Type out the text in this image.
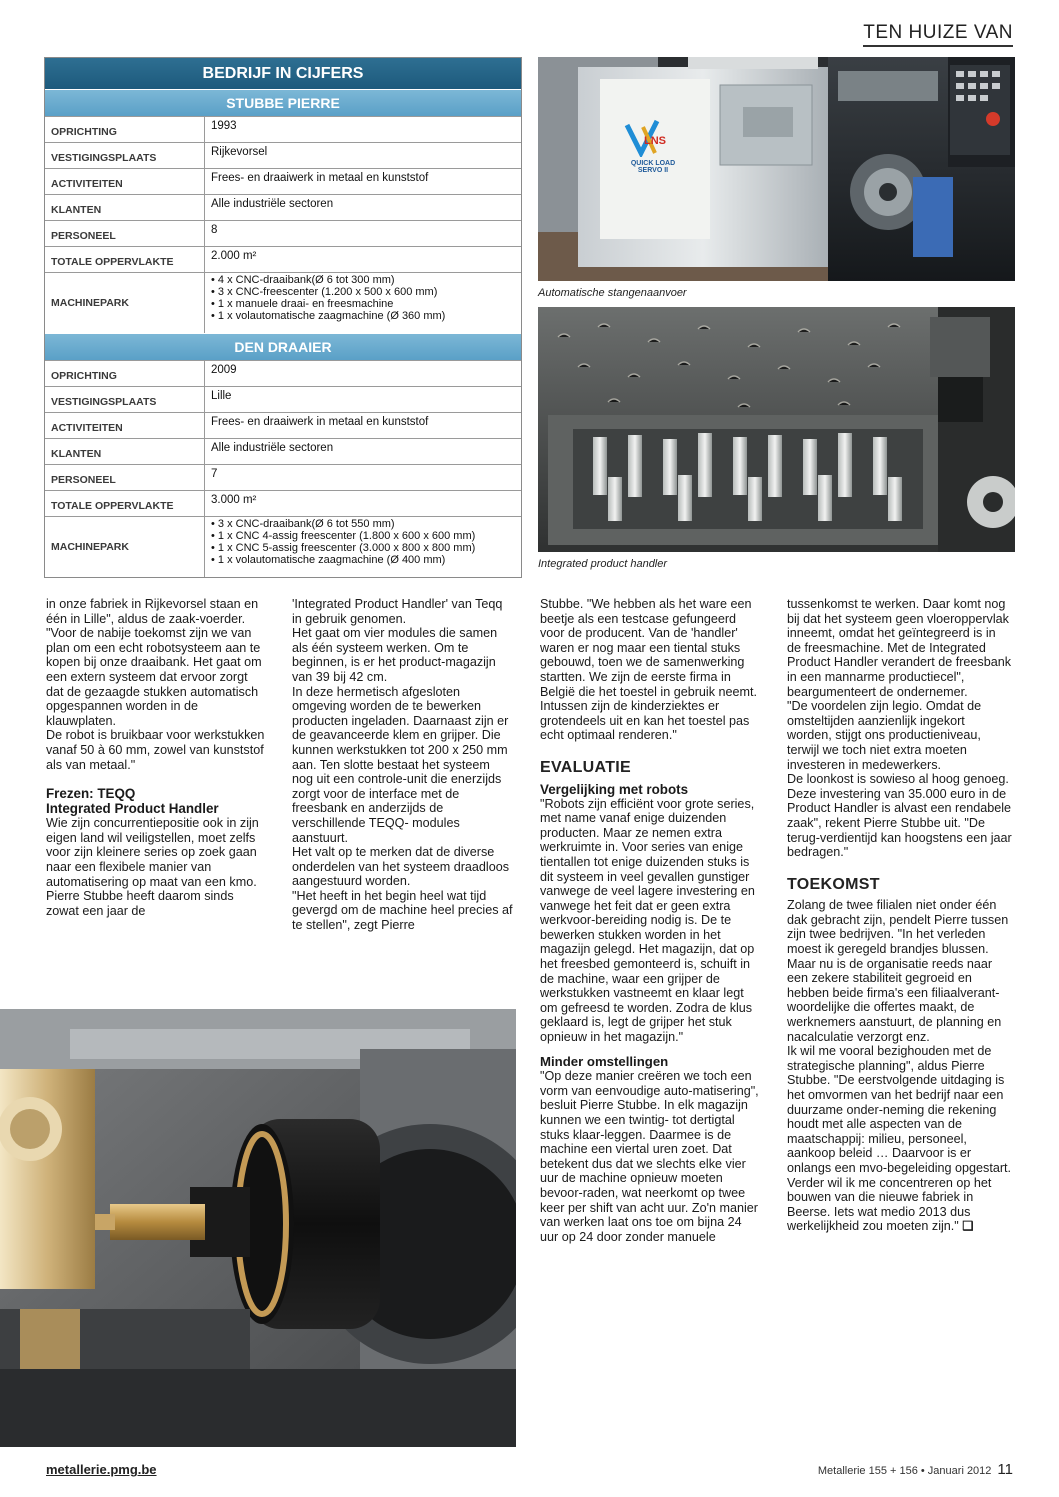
TEN HUIZE VAN
BEDRIJF IN CIJFERS
STUBBE PIERRE
OPRICHTING	1993
VESTIGINGSPLAATS	Rijkevorsel
ACTIVITEITEN	Frees- en draaiwerk in metaal en kunststof
KLANTEN	Alle industriële sectoren
PERSONEEL	8
TOTALE OPPERVLAKTE	2.000 m²
MACHINEPARK
• 4 x CNC-draaibank(Ø 6 tot 300 mm)
• 3 x CNC-freescenter (1.200 x 500 x 600 mm)
• 1 x manuele draai- en freesmachine
• 1 x volautomatische zaagmachine (Ø 360 mm)
DEN DRAAIER
OPRICHTING	2009
VESTIGINGSPLAATS	Lille
ACTIVITEITEN	Frees- en draaiwerk in metaal en kunststof
KLANTEN	Alle industriële sectoren
PERSONEEL	7
TOTALE OPPERVLAKTE	3.000 m²
MACHINEPARK
• 3 x CNC-draaibank(Ø 6 tot 550 mm)
• 1 x CNC 4-assig freescenter (1.800 x 600 x 600 mm)
• 1 x CNC 5-assig freescenter (3.000 x 800 x 800 mm)
• 1 x volautomatische zaagmachine (Ø 400 mm)
LNS
QUICK LOAD
SERVO II
Automatische stangenaanvoer
Integrated product handler

in onze fabriek in Rijkevorsel staan en één in Lille", aldus de zaak-voerder.

"Voor de nabije toekomst zijn we van plan om een echt robotsysteem aan te kopen bij onze draaibank. Het gaat om een extern systeem dat ervoor zorgt dat de gezaagde stukken automatisch opgespannen worden in de klauwplaten.

De robot is bruikbaar voor werkstukken vanaf 50 à 60 mm, zowel van kunststof als van metaal."

Frezen: TEQQ

Integrated Product Handler

Wie zijn concurrentiepositie ook in zijn eigen land wil veiligstellen, moet zelfs voor zijn kleinere series op zoek gaan naar een flexibele manier van automatisering op maat van een kmo. Pierre Stubbe heeft daarom sinds zowat een jaar de

'Integrated Product Handler' van Teqq in gebruik genomen.

Het gaat om vier modules die samen als één systeem werken. Om te beginnen, is er het product-magazijn van 39 bij 42 cm.

In deze hermetisch afgesloten omgeving worden de te bewerken producten ingeladen. Daarnaast zijn er de geavanceerde klem en grijper. Die kunnen werkstukken tot 200 x 250 mm aan. Ten slotte bestaat het systeem nog uit een controle-unit die enerzijds zorgt voor de interface met de freesbank en anderzijds de verschillende TEQQ- modules aanstuurt.

Het valt op te merken dat de diverse onderdelen van het systeem draadloos aangestuurd worden.

"Het heeft in het begin heel wat tijd gevergd om de machine heel precies af te stellen", zegt Pierre

Stubbe. "We hebben als het ware een beetje als een testcase gefungeerd voor de producent. Van de 'handler' waren er nog maar een tiental stuks gebouwd, toen we de samenwerking startten. We zijn de eerste firma in België die het toestel in gebruik neemt. Intussen zijn de kinderziektes er grotendeels uit en kan het toestel pas echt optimaal renderen."

EVALUATIE

Vergelijking met robots

"Robots zijn efficiënt voor grote series, met name vanaf enige duizenden producten. Maar ze nemen extra werkruimte in. Voor series van enige tientallen tot enige duizenden stuks is dit systeem in veel gevallen gunstiger vanwege de veel lagere investering en vanwege het feit dat er geen extra werkvoor-bereiding nodig is. De te bewerken stukken worden in het magazijn gelegd. Het magazijn, dat op het freesbed gemonteerd is, schuift in de machine, waar een grijper de werkstukken vastneemt en klaar legt om gefreesd te worden. Zodra de klus geklaard is, legt de grijper het stuk opnieuw in het magazijn."

Minder omstellingen

"Op deze manier creëren we toch een vorm van eenvoudige auto-matisering", besluit Pierre Stubbe. In elk magazijn kunnen we een twintig- tot dertigtal stuks klaar-leggen. Daarmee is de machine een viertal uren zoet. Dat betekent dus dat we slechts elke vier uur de machine opnieuw moeten bevoor-raden, wat neerkomt op twee keer per shift van acht uur. Zo'n manier van werken laat ons toe om bijna 24 uur op 24 door zonder manuele

tussenkomst te werken. Daar komt nog bij dat het systeem geen vloeroppervlak inneemt, omdat het geïntegreerd is in de freesmachine. Met de Integrated Product Handler verandert de freesbank in een mannarme productiecel", beargumenteert de ondernemer.

"De voordelen zijn legio. Omdat de omsteltijden aanzienlijk ingekort worden, stijgt ons productieniveau, terwijl we toch niet extra moeten investeren in medewerkers.

De loonkost is sowieso al hoog genoeg. Deze investering van 35.000 euro in de Product Handler is alvast een rendabele zaak", rekent Pierre Stubbe uit. "De terug-verdientijd kan hoogstens een jaar bedragen."

TOEKOMST

Zolang de twee filialen niet onder één dak gebracht zijn, pendelt Pierre tussen zijn twee bedrijven. "In het verleden moest ik geregeld brandjes blussen. Maar nu is de organisatie reeds naar een zekere stabiliteit gegroeid en hebben beide firma's een filiaalverant-woordelijke die offertes maakt, de werknemers aanstuurt, de planning en nacalculatie verzorgt enz.

Ik wil me vooral bezighouden met de strategische planning", aldus Pierre Stubbe. "De eerstvolgende uitdaging is het omvormen van het bedrijf naar een duurzame onder-neming die rekening houdt met alle aspecten van de maatschappij: milieu, personeel, aankoop beleid … Daarvoor is er onlangs een mvo-begeleiding opgestart. Verder wil ik me concentreren op het bouwen van die nieuwe fabriek in Beerse. Iets wat medio 2013 dus werkelijkheid zou moeten zijn." ❑

metallerie.pmg.be	Metallerie 155 + 156 • Januari 2012 11
